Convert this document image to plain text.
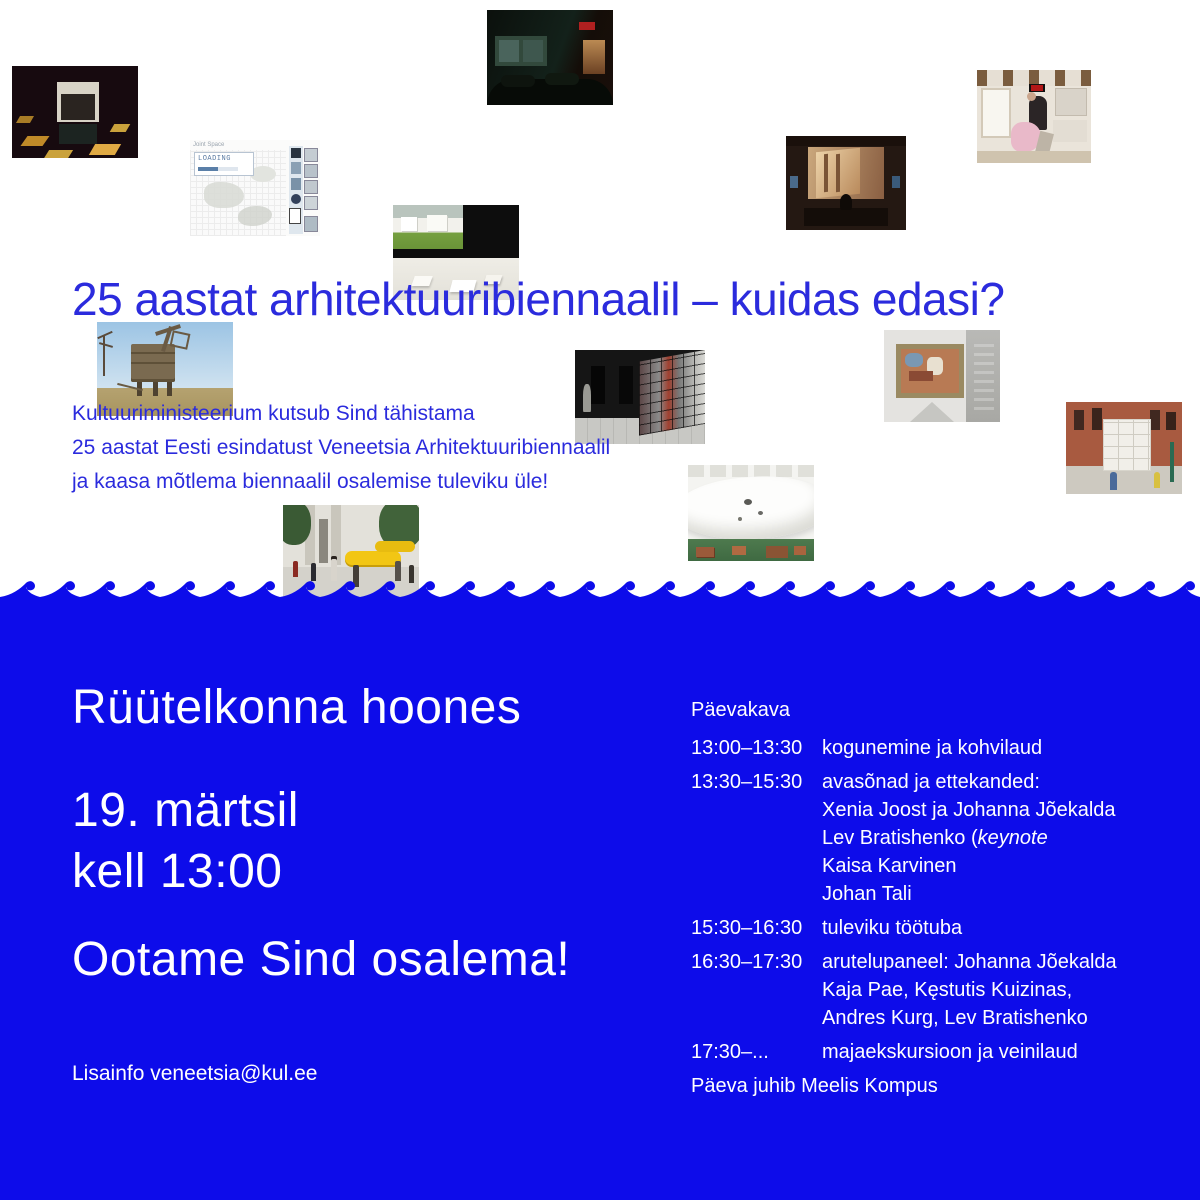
Joint Space
LOADING
25 aastat arhitektuuribiennaalil – kuidas edasi?
Kultuuriministeerium kutsub Sind tähistama
25 aastat Eesti esindatust Veneetsia Arhitektuuribiennaalil
ja kaasa mõtlema biennaalil osalemise tuleviku üle!
Rüütelkonna hoones
19. märtsil
kell 13:00
Ootame Sind osalema!
Lisainfo veneetsia@kul.ee
Päevakava
13:00–13:30 kogunemine ja kohvilaud
13:30–15:30 avasõnad ja ettekanded:
Xenia Joost ja Johanna Jõekalda
Lev Bratishenko (keynote
Kaisa Karvinen
Johan Tali
15:30–16:30 tuleviku töötuba
16:30–17:30 arutelupaneel: Johanna Jõekalda
Kaja Pae, Kęstutis Kuizinas,
Andres Kurg, Lev Bratishenko
17:30–...	majaekskursioon ja veinilaud
Päeva juhib Meelis Kompus
